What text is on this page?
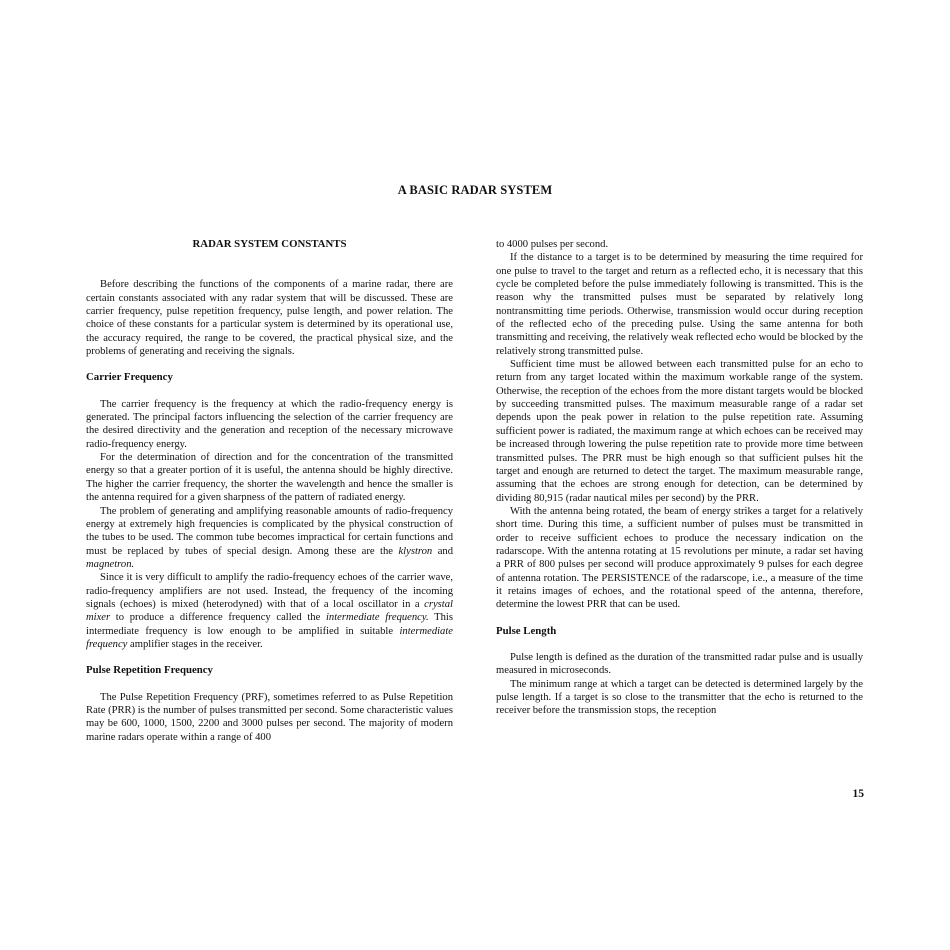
A BASIC RADAR SYSTEM
RADAR SYSTEM CONSTANTS

Before describing the functions of the components of a marine radar, there are certain constants associated with any radar system that will be discussed. These are carrier frequency, pulse repetition frequency, pulse length, and power relation. The choice of these constants for a particular system is determined by its operational use, the accuracy required, the range to be covered, the practical physical size, and the problems of generating and receiving the signals.

Carrier Frequency

The carrier frequency is the frequency at which the radio-frequency energy is generated. The principal factors influencing the selection of the carrier frequency are the desired directivity and the generation and reception of the necessary microwave radio-frequency energy.

For the determination of direction and for the concentration of the transmitted energy so that a greater portion of it is useful, the antenna should be highly directive. The higher the carrier frequency, the shorter the wavelength and hence the smaller is the antenna required for a given sharpness of the pattern of radiated energy.

The problem of generating and amplifying reasonable amounts of radio-frequency energy at extremely high frequencies is complicated by the physical construction of the tubes to be used. The common tube becomes impractical for certain functions and must be replaced by tubes of special design. Among these are the klystron and magnetron.

Since it is very difficult to amplify the radio-frequency echoes of the carrier wave, radio-frequency amplifiers are not used. Instead, the frequency of the incoming signals (echoes) is mixed (heterodyned) with that of a local oscillator in a crystal mixer to produce a difference frequency called the intermediate frequency. This intermediate frequency is low enough to be amplified in suitable intermediate frequency amplifier stages in the receiver.

Pulse Repetition Frequency

The Pulse Repetition Frequency (PRF), sometimes referred to as Pulse Repetition Rate (PRR) is the number of pulses transmitted per second. Some characteristic values may be 600, 1000, 1500, 2200 and 3000 pulses per second. The majority of modern marine radars operate within a range of 400

to 4000 pulses per second.

If the distance to a target is to be determined by measuring the time required for one pulse to travel to the target and return as a reflected echo, it is necessary that this cycle be completed before the pulse immediately following is transmitted. This is the reason why the transmitted pulses must be separated by relatively long nontransmitting time periods. Otherwise, transmission would occur during reception of the reflected echo of the preceding pulse. Using the same antenna for both transmitting and receiving, the relatively weak reflected echo would be blocked by the relatively strong transmitted pulse.

Sufficient time must be allowed between each transmitted pulse for an echo to return from any target located within the maximum workable range of the system. Otherwise, the reception of the echoes from the more distant targets would be blocked by succeeding transmitted pulses. The maximum measurable range of a radar set depends upon the peak power in relation to the pulse repetition rate. Assuming sufficient power is radiated, the maximum range at which echoes can be received may be increased through lowering the pulse repetition rate to provide more time between transmitted pulses. The PRR must be high enough so that sufficient pulses hit the target and enough are returned to detect the target. The maximum measurable range, assuming that the echoes are strong enough for detection, can be determined by dividing 80,915 (radar nautical miles per second) by the PRR.

With the antenna being rotated, the beam of energy strikes a target for a relatively short time. During this time, a sufficient number of pulses must be transmitted in order to receive sufficient echoes to produce the necessary indication on the radarscope. With the antenna rotating at 15 revolutions per minute, a radar set having a PRR of 800 pulses per second will produce approximately 9 pulses for each degree of antenna rotation. The PERSISTENCE of the radarscope, i.e., a measure of the time it retains images of echoes, and the rotational speed of the antenna, therefore, determine the lowest PRR that can be used.

Pulse Length

Pulse length is defined as the duration of the transmitted radar pulse and is usually measured in microseconds.

The minimum range at which a target can be detected is determined largely by the pulse length. If a target is so close to the transmitter that the echo is returned to the receiver before the transmission stops, the reception

15
